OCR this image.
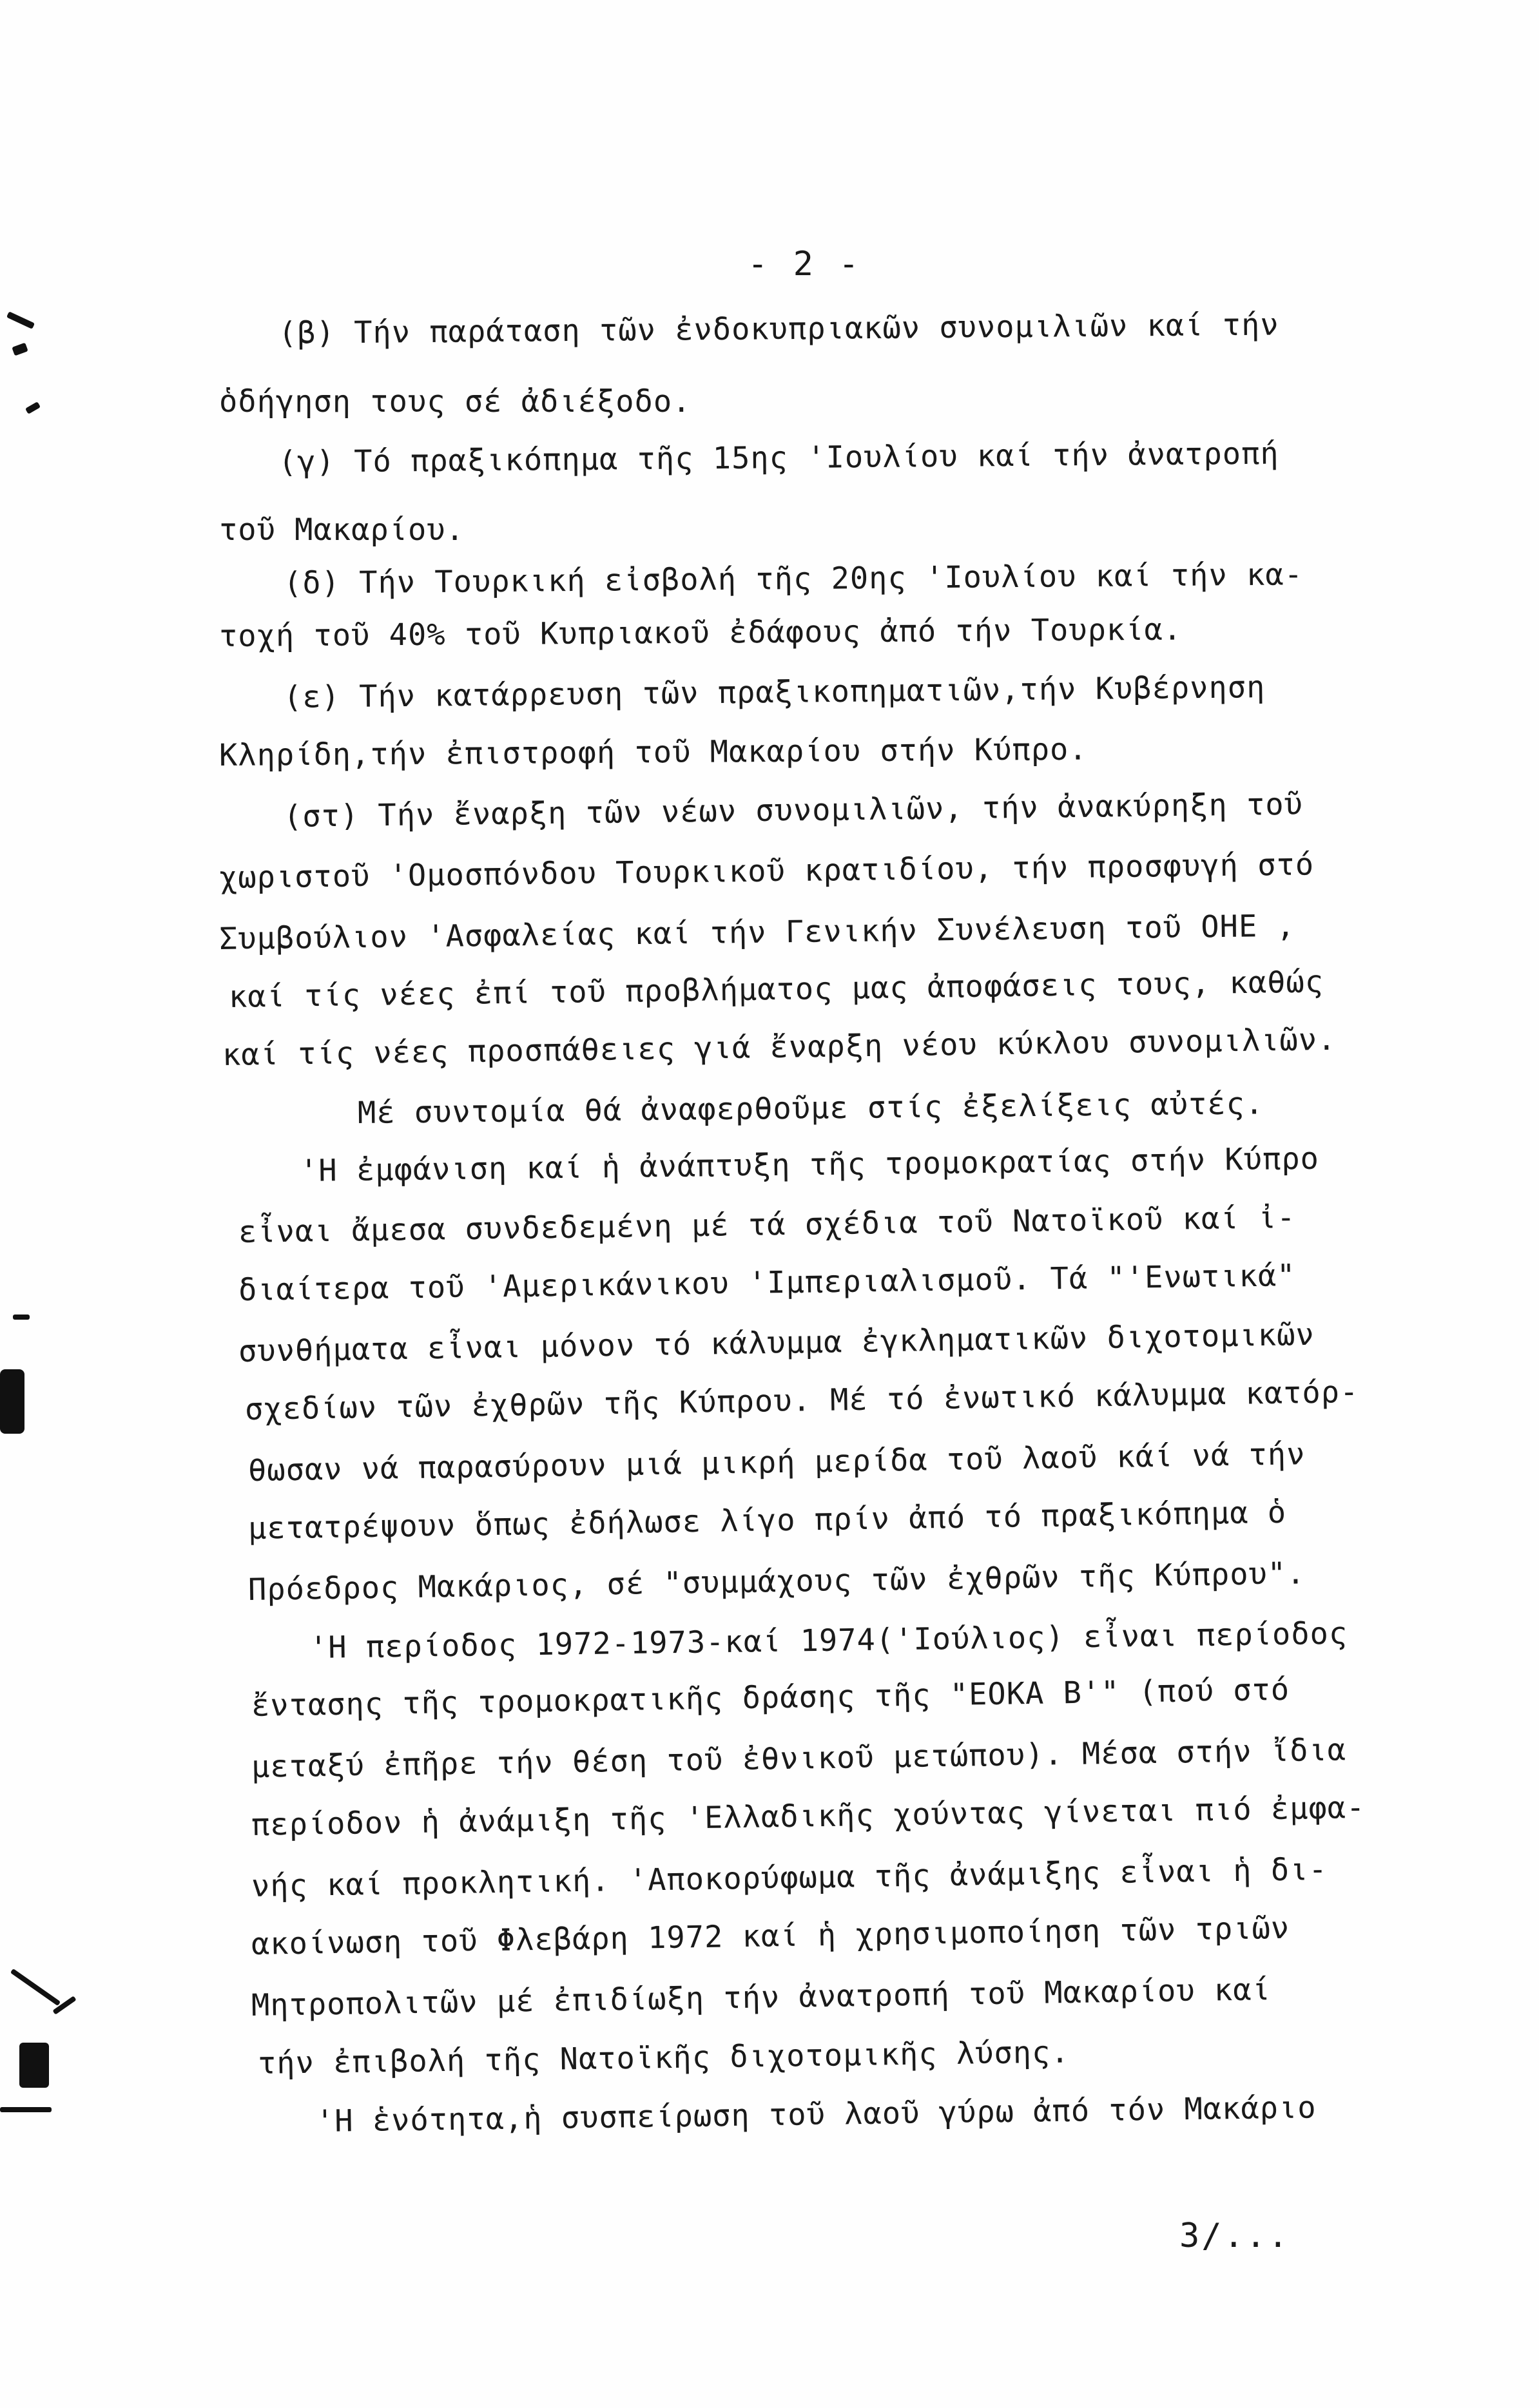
- 2 -
(β) Τήν παράταση τῶν ἐνδοκυπριακῶν συνομιλιῶν καί τήν
ὁδήγηση τους σέ ἀδιέξοδο.
(γ) Τό πραξικόπημα τῆς 15ης 'Ιουλίου καί τήν ἀνατροπή
τοῦ Μακαρίου.
(δ) Τήν Τουρκική εἰσβολή τῆς 20ης 'Ιουλίου καί τήν κα-
τοχή τοῦ 40% τοῦ Κυπριακοῦ ἐδάφους ἀπό τήν Τουρκία.
(ε) Τήν κατάρρευση τῶν πραξικοπηματιῶν,τήν Κυβέρνηση
Κληρίδη,τήν ἐπιστροφή τοῦ Μακαρίου στήν Κύπρο.
(στ) Τήν ἔναρξη τῶν νέων συνομιλιῶν, τήν ἀνακύρηξη τοῦ
χωριστοῦ 'Ομοσπόνδου Τουρκικοῦ κρατιδίου, τήν προσφυγή στό
Συμβούλιον 'Ασφαλείας καί τήν Γενικήν Συνέλευση τοῦ ΟΗΕ ,
καί τίς νέες ἐπί τοῦ προβλήματος μας ἀποφάσεις τους, καθώς
καί τίς νέες προσπάθειες γιά ἔναρξη νέου κύκλου συνομιλιῶν.
Μέ συντομία θά ἀναφερθοῦμε στίς ἐξελίξεις αὐτές.
'Η ἐμφάνιση καί ἡ ἀνάπτυξη τῆς τρομοκρατίας στήν Κύπρο
εἶναι ἄμεσα συνδεδεμένη μέ τά σχέδια τοῦ Νατοϊκοῦ καί ἰ-
διαίτερα τοῦ 'Αμερικάνικου 'Ιμπεριαλισμοῦ. Τά "'Ενωτικά"
συνθήματα εἶναι μόνον τό κάλυμμα ἐγκληματικῶν διχοτομικῶν
σχεδίων τῶν ἐχθρῶν τῆς Κύπρου. Μέ τό ἐνωτικό κάλυμμα κατόρ-
θωσαν νά παρασύρουν μιά μικρή μερίδα τοῦ λαοῦ κάί νά τήν
μετατρέψουν ὅπως ἐδήλωσε λίγο πρίν ἀπό τό πραξικόπημα ὁ
Πρόεδρος Μακάριος, σέ "συμμάχους τῶν ἐχθρῶν τῆς Κύπρου".
'Η περίοδος 1972-1973-καί 1974('Ιούλιος) εἶναι περίοδος
ἔντασης τῆς τρομοκρατικῆς δράσης τῆς "ΕΟΚΑ Β'" (πού στό
μεταξύ ἐπῆρε τήν θέση τοῦ ἐθνικοῦ μετώπου). Μέσα στήν ἴδια
περίοδον ἡ ἀνάμιξη τῆς 'Ελλαδικῆς χούντας γίνεται πιό ἐμφα-
νής καί προκλητική. 'Αποκορύφωμα τῆς ἀνάμιξης εἶναι ἡ δι-
ακοίνωση τοῦ Φλεβάρη 1972 καί ἡ χρησιμοποίηση τῶν τριῶν
Μητροπολιτῶν μέ ἐπιδίωξη τήν ἀνατροπή τοῦ Μακαρίου καί
τήν ἐπιβολή τῆς Νατοϊκῆς διχοτομικῆς λύσης.
'Η ἑνότητα,ἡ συσπείρωση τοῦ λαοῦ γύρω ἀπό τόν Μακάριο
3/...
